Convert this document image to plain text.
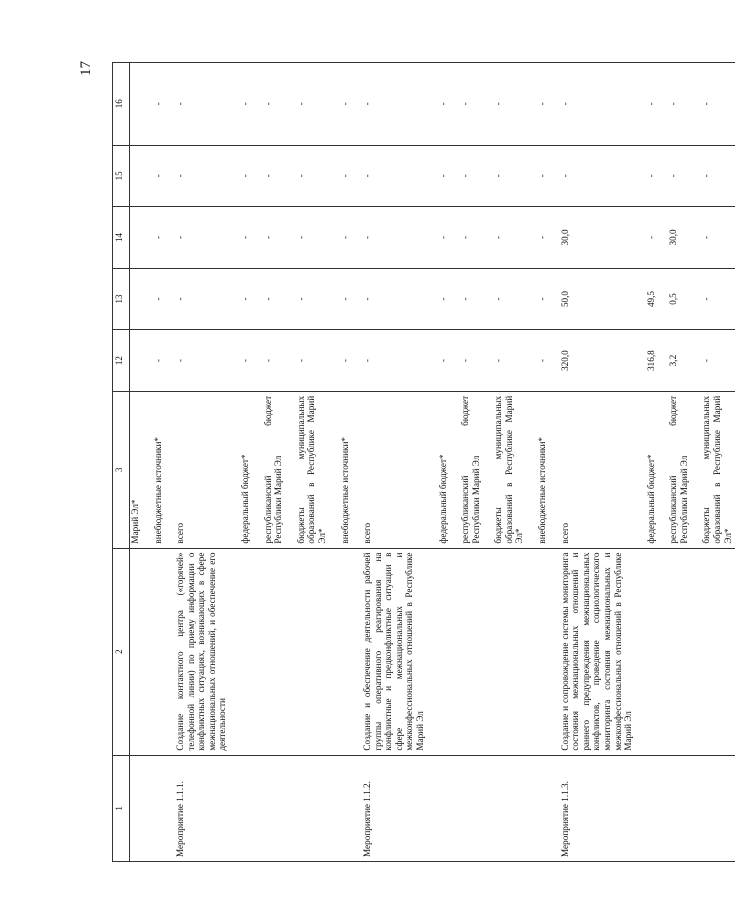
17
1	2	3	12	13	14	15	16
		Марий Эл*					
		внебюджетные источники*	-	-	-	-	-
Мероприятие 1.1.1.	Создание контактного центра («горячей» телефонной линии) по приему информации о конфликтных ситуациях, возникающих в сфере межнациональных отношений, и обеспечение его деятельности	всего	-	-	-	-	-
		федеральный бюджет*	-	-	-	-	-
		республиканский бюджет Республики Марий Эл	-	-	-	-	-
		бюджеты муниципальных образований в Республике Марий Эл*	-	-	-	-	-
		внебюджетные источники*	-	-	-	-	-
Мероприятие 1.1.2.	Создание и обеспечение деятельности рабочей группы оперативного реагирования на конфликтные и предконфликтные ситуации в сфере межнациональных и межконфессиональных отношений в Республике Марий Эл	всего	-	-	-	-	-
		федеральный бюджет*	-	-	-	-	-
		республиканский бюджет Республики Марий Эл	-	-	-	-	-
		бюджеты муниципальных образований в Республике Марий Эл*	-	-	-	-	-
		внебюджетные источники*	-	-	-	-	-
Мероприятие 1.1.3.	Создание и сопровождение системы мониторинга состояния межнациональных отношений и раннего предупреждения межнациональных конфликтов, проведение социологического мониторинга состояния межнациональных и межконфессиональных отношений в Республике Марий Эл	всего	320,0	50,0	30,0	-	-
		федеральный бюджет*	316,8	49,5	-	-	-
		республиканский бюджет Республики Марий Эл	3,2	0,5	30,0	-	-
		бюджеты муниципальных образований в Республике Марий Эл*	-	-	-	-	-
